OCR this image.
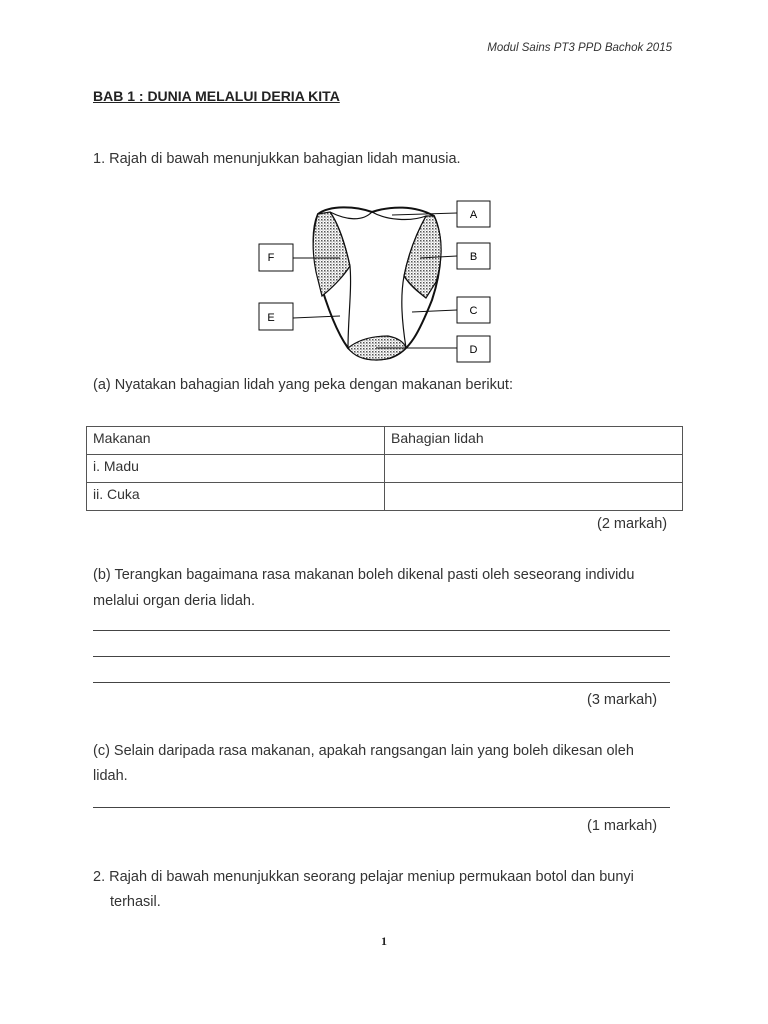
Modul Sains PT3 PPD Bachok 2015
BAB 1 : DUNIA MELALUI DERIA KITA
1. Rajah di bawah menunjukkan bahagian lidah manusia.
A
B
C
D
E
F
(a) Nyatakan bahagian lidah yang peka dengan makanan berikut:
Makanan	Bahagian lidah
i. Madu	
ii. Cuka	
(2 markah)
(b) Terangkan bagaimana rasa makanan boleh dikenal pasti oleh seseorang individu
melalui organ deria lidah.
(3 markah)
(c) Selain daripada rasa makanan, apakah rangsangan lain yang boleh dikesan oleh
lidah.
(1 markah)
2. Rajah di bawah menunjukkan seorang pelajar meniup permukaan botol dan bunyi
terhasil.
1
